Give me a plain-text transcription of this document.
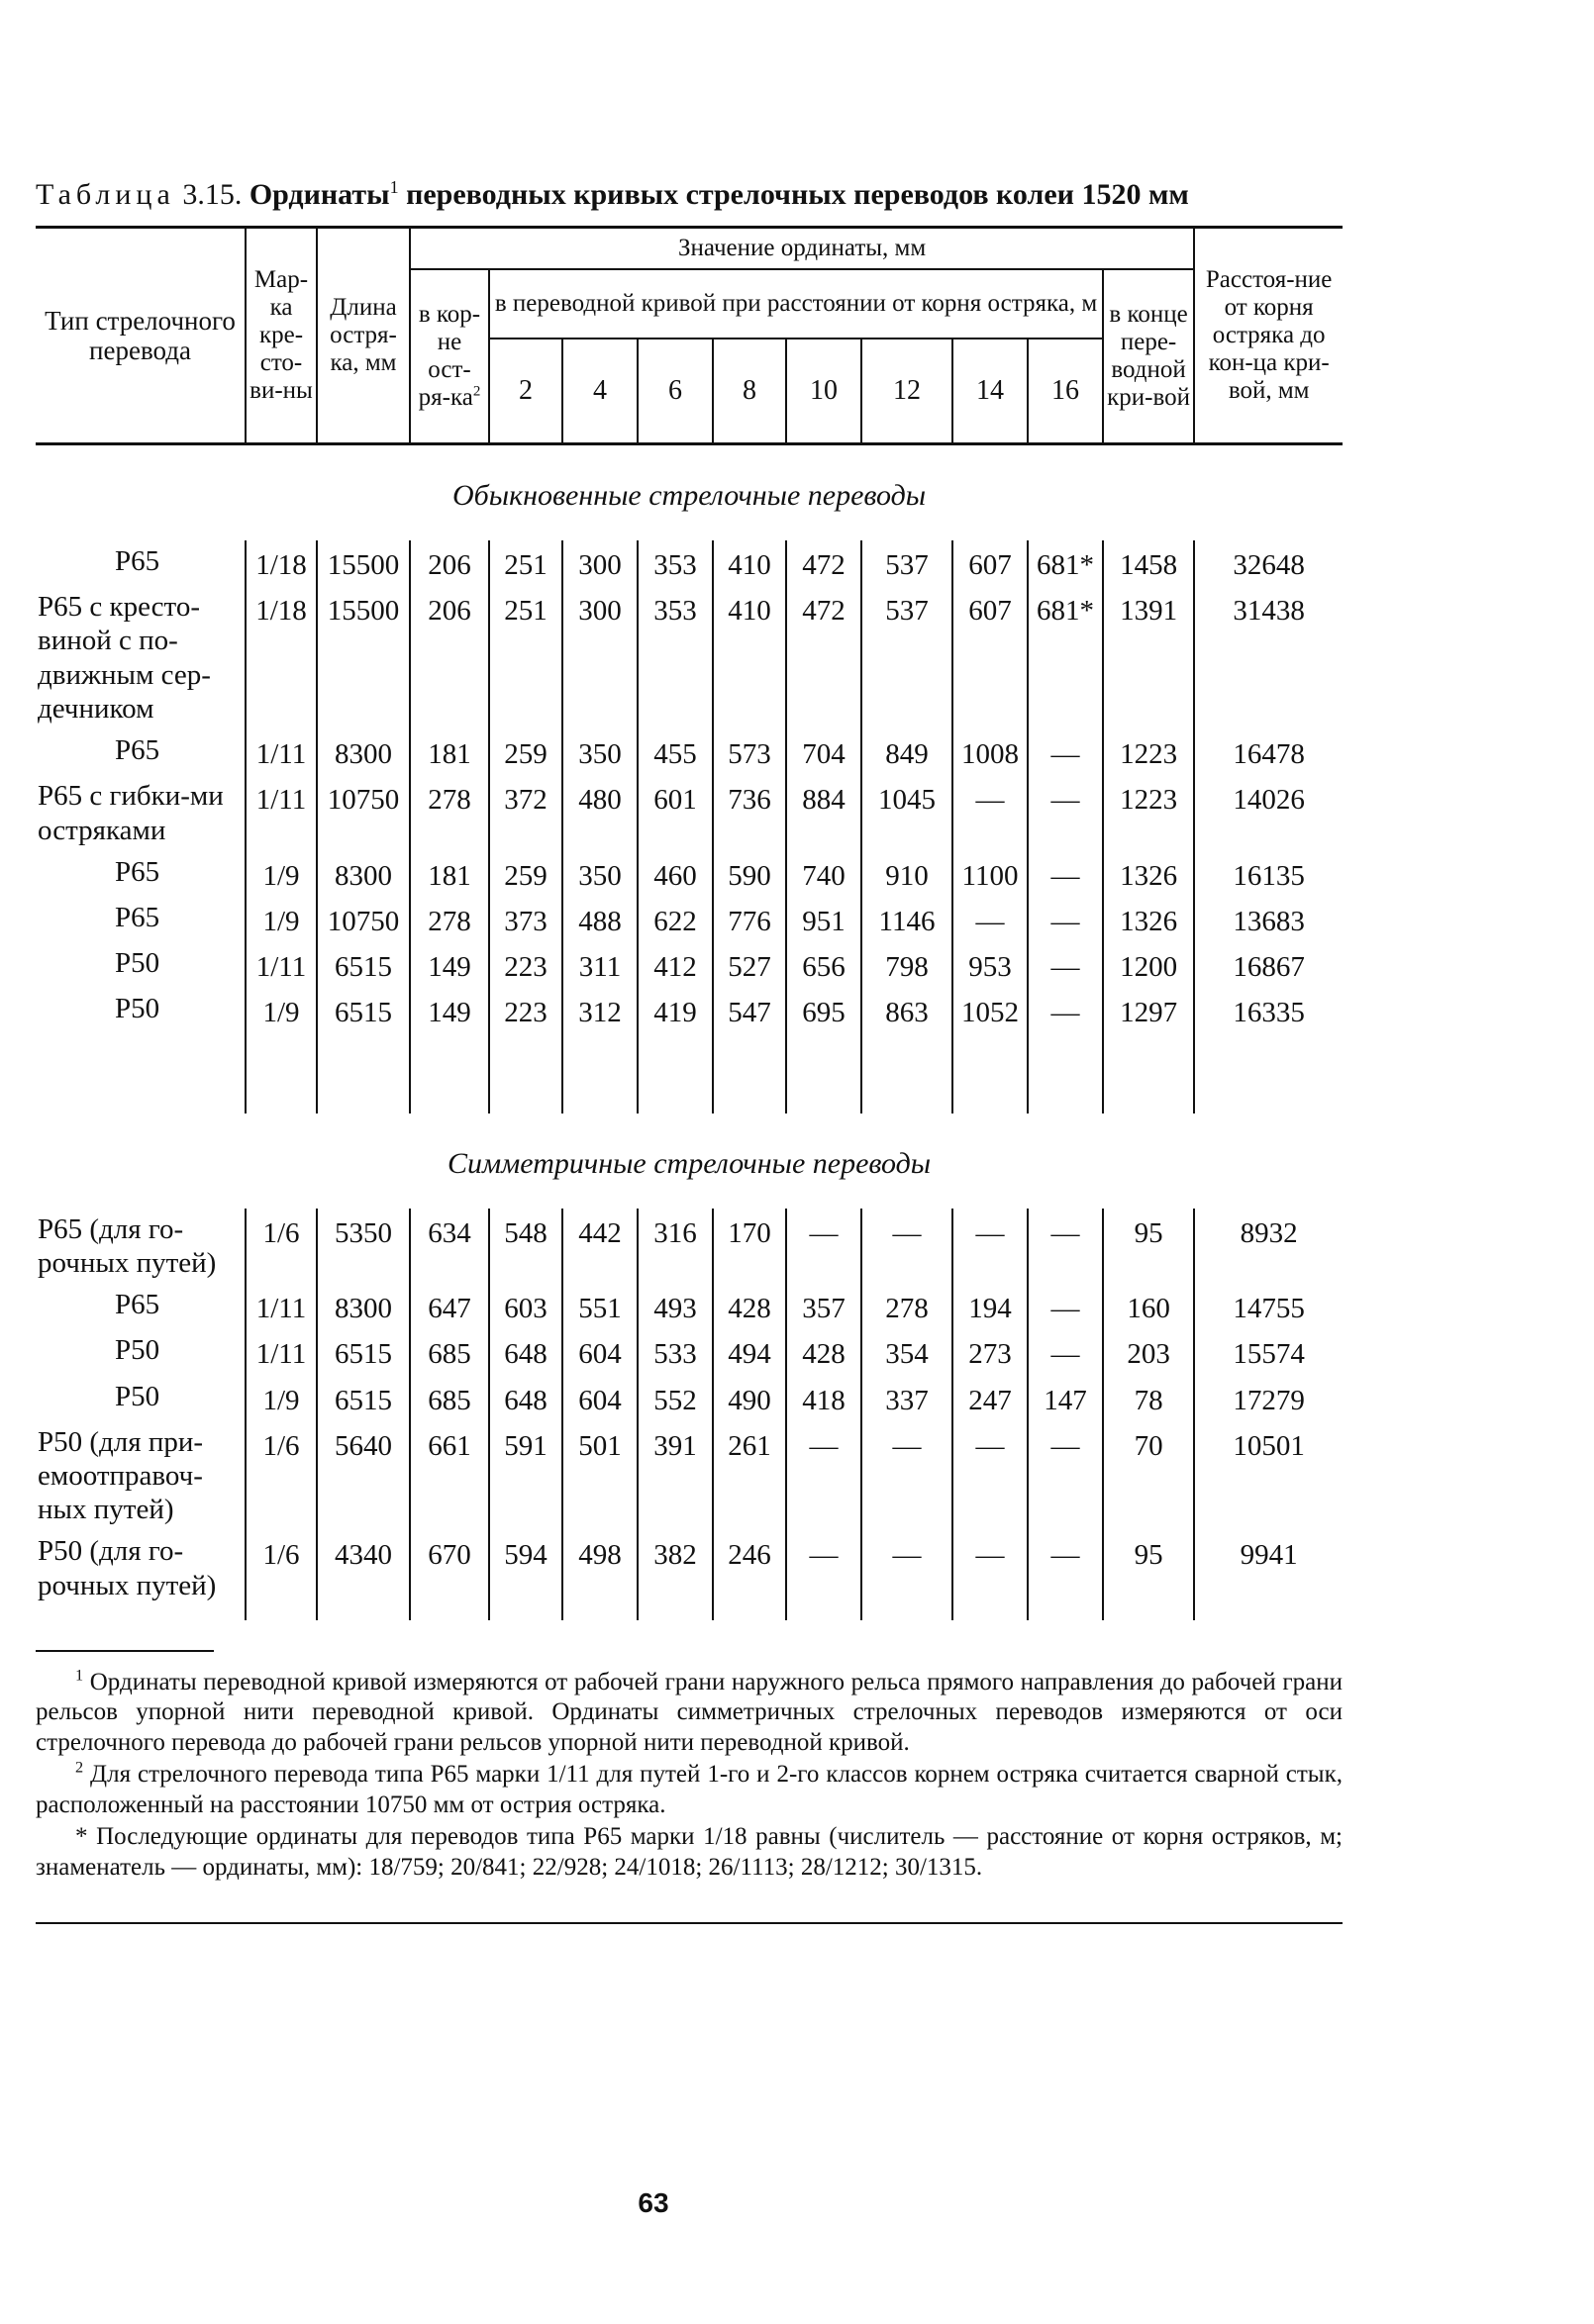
Таблица 3.15. Ординаты$^1$ переводных кривых стрелочных переводов колеи 1520 мм
Тип стрелочного перевода	Мар-ка кре-сто-ви-ны	Длина остря-ка, мм	Значение ординаты, мм										Расстоя-ние от корня остряка до кон-ца кри-вой, мм
			в кор-не ост-$ря-ка^2$	в переводной кривой при расстоянии от корня остряка, м								в конце пере-водной кри-вой	
				2	4	6	8	10	12	14	16		
Обыкновенные стрелочные переводы													
Р65	1/18	15500	206	251	300	353	410	472	537	607	681*	1458	32648
Р65 с кресто-виной с по-движным сер-дечником	1/18	15500	206	251	300	353	410	472	537	607	681*	1391	31438
Р65	1/11	8300	181	259	350	455	573	704	849	1008	—	1223	16478
Р65 с гибки-ми остряками	1/11	10750	278	372	480	601	736	884	1045	—	—	1223	14026
Р65	1/9	8300	181	259	350	460	590	740	910	1100	—	1326	16135
Р65	1/9	10750	278	373	488	622	776	951	1146	—	—	1326	13683
Р50	1/11	6515	149	223	311	412	527	656	798	953	—	1200	16867
Р50	1/9	6515	149	223	312	419	547	695	863	1052	—	1297	16335

Симметричные стрелочные переводы													
Р65 (для го-рочных путей)	1/6	5350	634	548	442	316	170	—	—	—	—	95	8932
Р65	1/11	8300	647	603	551	493	428	357	278	194	—	160	14755
Р50	1/11	6515	685	648	604	533	494	428	354	273	—	203	15574
Р50	1/9	6515	685	648	604	552	490	418	337	247	147	78	17279
Р50 (для при-емоотправоч-ных путей)	1/6	5640	661	591	501	391	261	—	—	—	—	70	10501
Р50 (для го-рочных путей)	1/6	4340	670	594	498	382	246	—	—	—	—	95	9941

$^1$ Ординаты переводной кривой измеряются от рабочей грани наружного рельса прямого направления до рабочей грани рельсов упорной нити переводной кривой. Ординаты симметричных стрелочных переводов измеряются от оси стрелочного перевода до рабочей грани рельсов упорной нити переводной кривой.

$^2$ Для стрелочного перевода типа Р65 марки 1/11 для путей 1-го и 2-го классов корнем остряка считается сварной стык, расположенный на расстоянии 10750 мм от острия остряка.

* Последующие ординаты для переводов типа Р65 марки 1/18 равны (числитель — расстояние от корня остряков, м; знаменатель — ординаты, мм): 18/759; 20/841; 22/928; 24/1018; 26/1113; 28/1212; 30/1315.

63
